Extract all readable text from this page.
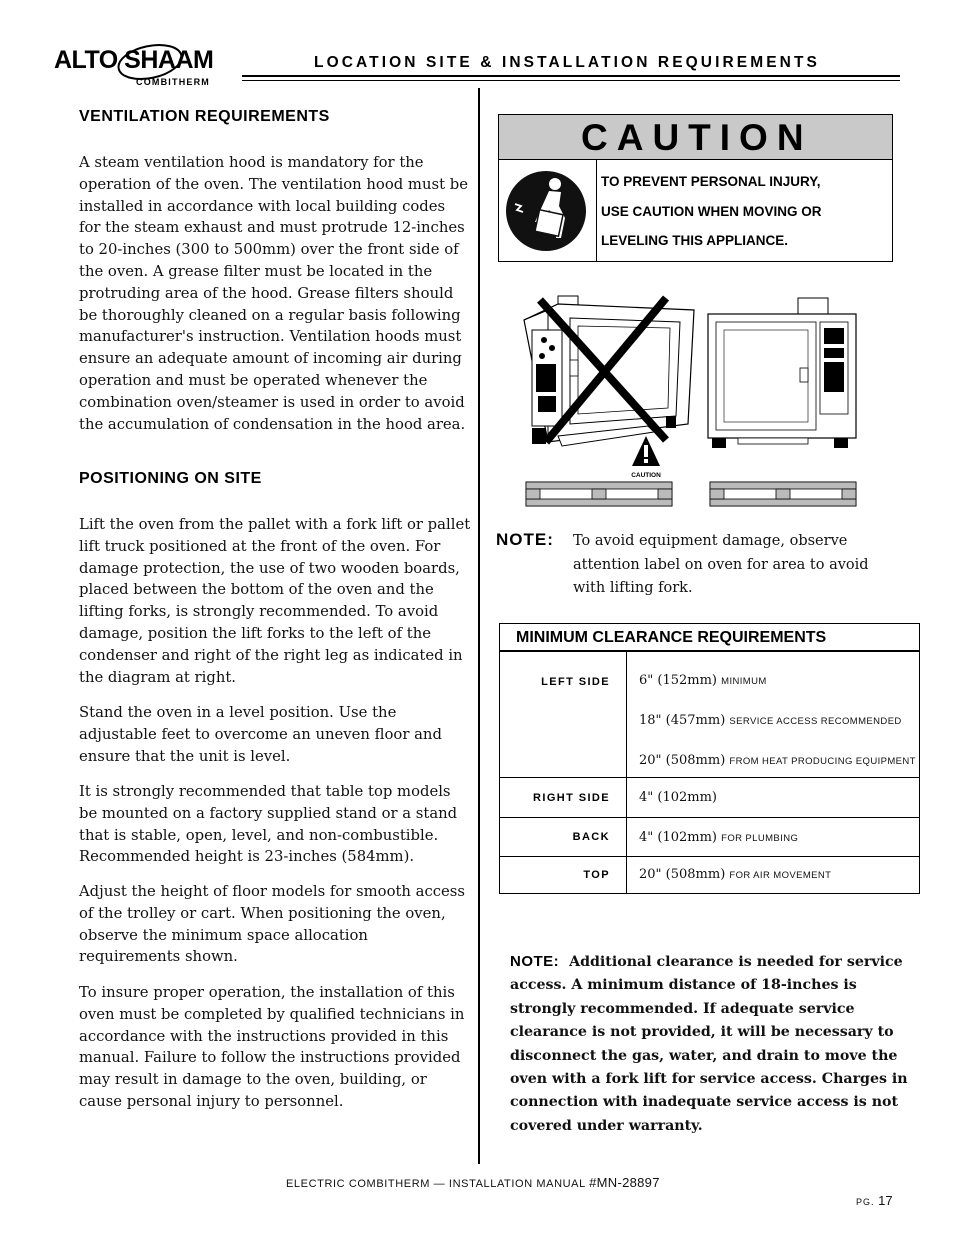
ALTO SHAAM
COMBITHERM
LOCATION SITE & INSTALLATION REQUIREMENTS
VENTILATION REQUIREMENTS

A steam ventilation hood is mandatory for the operation of the oven. The ventilation hood must be installed in accordance with local building codes for the steam exhaust and must protrude 12-inches to 20-inches (300 to 500mm) over the front side of the oven. A grease filter must be located in the protruding area of the hood. Grease filters should be thoroughly cleaned on a regular basis following manufacturer's instruction. Ventilation hoods must ensure an adequate amount of incoming air during operation and must be operated whenever the combination oven/steamer is used in order to avoid the accumulation of condensation in the hood area.

POSITIONING ON SITE

Lift the oven from the pallet with a fork lift or pallet lift truck positioned at the front of the oven. For damage protection, the use of two wooden boards, placed between the bottom of the oven and the lifting forks, is strongly recommended. To avoid damage, position the lift forks to the left of the condenser and right of the right leg as indicated in the diagram at right.

Stand the oven in a level position. Use the adjustable feet to overcome an uneven floor and ensure that the unit is level.

It is strongly recommended that table top models be mounted on a factory supplied stand or a stand that is stable, open, level, and non-combustible. Recommended height is 23-inches (584mm).

Adjust the height of floor models for smooth access of the trolley or cart. When positioning the oven, observe the minimum space allocation requirements shown.

To insure proper operation, the installation of this oven must be completed by qualified technicians in accordance with the instructions provided in this manual. Failure to follow the instructions provided may result in damage to the oven, building, or cause personal injury to personnel.

CAUTION
TO PREVENT PERSONAL INJURY,
USE CAUTION WHEN MOVING OR
LEVELING THIS APPLIANCE.
CAUTION
NOTE: To avoid equipment damage, observe attention label on oven for area to avoid with lifting fork.

MINIMUM CLEARANCE REQUIREMENTS
LEFT SIDE	6" (152mm) MINIMUM
18" (457mm) SERVICE ACCESS RECOMMENDED
20" (508mm) FROM HEAT PRODUCING EQUIPMENT
RIGHT SIDE	4" (102mm)
BACK	4" (102mm) FOR PLUMBING
TOP	20" (508mm) FOR AIR MOVEMENT

NOTE: Additional clearance is needed for service access. A minimum distance of 18-inches is strongly recommended. If adequate service clearance is not provided, it will be necessary to disconnect the gas, water, and drain to move the oven with a fork lift for service access. Charges in connection with inadequate service access is not covered under warranty.

ELECTRIC COMBITHERM — INSTALLATION MANUAL #MN-28897
PG. 17
